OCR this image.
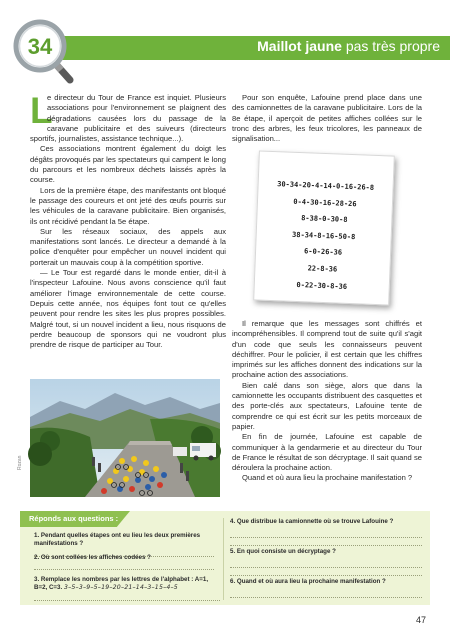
Maillot jaune pas très propre
34
L

e directeur du Tour de France est inquiet. Plusieurs associations pour l'environnement se plaignent des dégradations causées lors du passage de la caravane publicitaire et des suiveurs (directeurs sportifs, journalistes, assistance technique...).

Ces associations montrent également du doigt les dégâts provoqués par les spectateurs qui campent le long du parcours et les nombreux déchets laissés après la course.

Lors de la première étape, des manifestants ont bloqué le passage des coureurs et ont jeté des œufs pourris sur les véhicules de la caravane publicitaire. Bien organisés, ils ont récidivé pendant la 5e étape.

Sur les réseaux sociaux, des appels aux manifestations sont lancés. Le directeur a demandé à la police d'enquêter pour empêcher un nouvel incident qui porterait un mauvais coup à la compétition sportive.

— Le Tour est regardé dans le monde entier, dit-il à l'inspecteur Lafouine. Nous avons conscience qu'il faut améliorer l'image environnementale de cette course. Depuis cette année, nos équipes font tout ce qu'elles peuvent pour rendre les sites les plus propres possibles. Malgré tout, si un nouvel incident a lieu, nous risquons de perdre beaucoup de sponsors qui ne voudront plus prendre de risque de participer au Tour.

Pour son enquête, Lafouine prend place dans une des camionnettes de la caravane publicitaire. Lors de la 8e étape, il aperçoit de petites affiches collées sur le tronc des arbres, les feux tricolores, les panneaux de signalisation...

30-34-20-4-14-0-16-26-8
0-4-30-16-28-26
8-38-0-30-8
38-34-8-16-50-8
6-0-26-36
22-8-36
0-22-30-8-36

Il remarque que les messages sont chiffrés et incompréhensibles. Il comprend tout de suite qu'il s'agit d'un code que seuls les connaisseurs peuvent déchiffrer. Pour le policier, il est certain que les chiffres imprimés sur les affiches donnent des indications sur la prochaine action des associations.

Bien calé dans son siège, alors que dans la camionnette les occupants distribuent des casquettes et des porte-clés aux spectateurs, Lafouine tente de comprendre ce qui est écrit sur les petits morceaux de papier.

En fin de journée, Lafouine est capable de communiquer à la gendarmerie et au directeur du Tour de France le résultat de son décryptage. Il sait quand se déroulera la prochaine action.

Quand et où aura lieu la prochaine manifestation ?

Rozan
Réponds aux questions :
1. Pendant quelles étapes ont eu lieu les deux premières manifestations ?
2. Où sont collées les affiches codées ?
3. Remplace les nombres par les lettres de l'alphabet : A=1, B=2, C=3. 3–5–3–9–5–19–20–21–14–3–15–4–5
4. Que distribue la camionnette où se trouve Lafouine ?
5. En quoi consiste un décryptage ?
6. Quand et où aura lieu la prochaine manifestation ?
47
